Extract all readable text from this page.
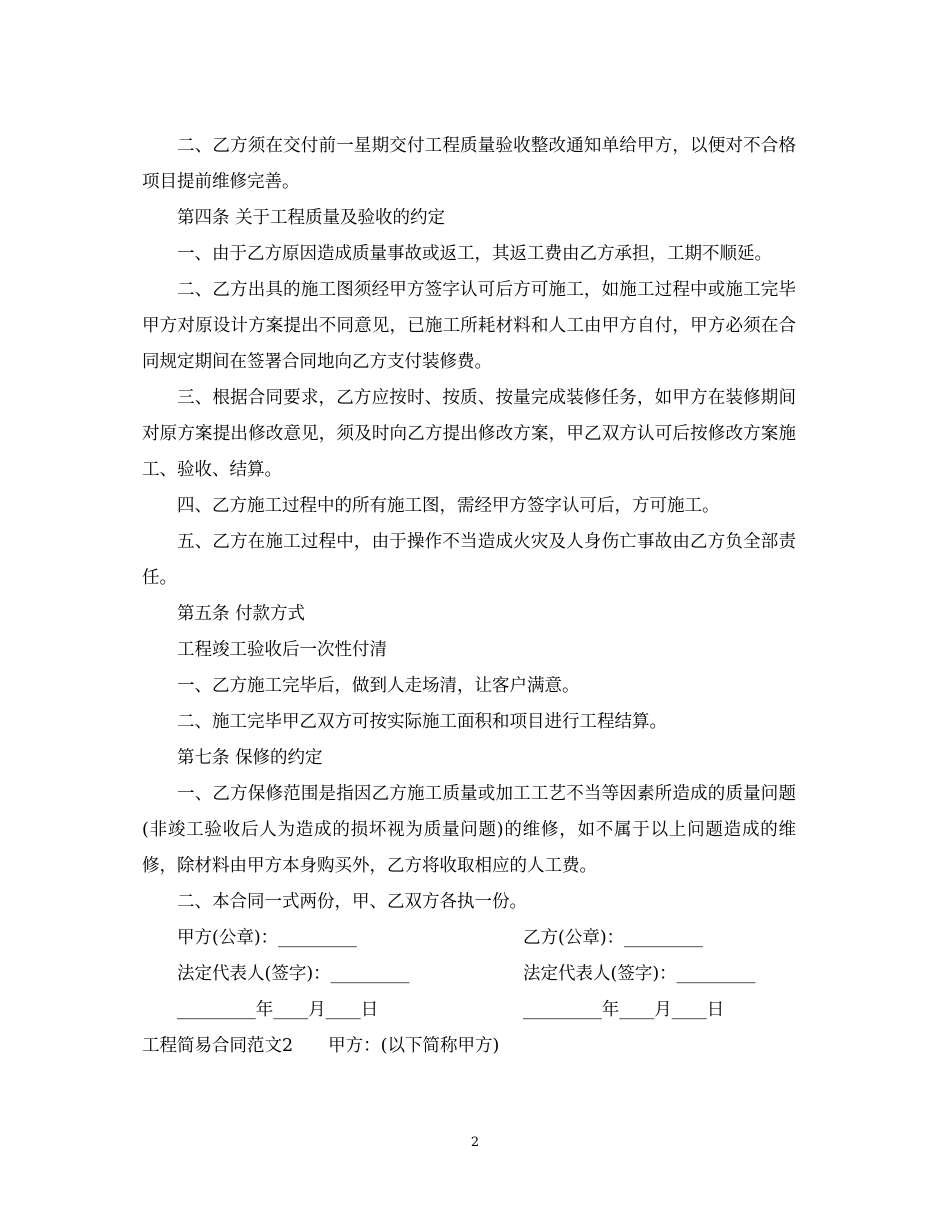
二、乙方须在交付前一星期交付工程质量验收整改通知单给甲方，以便对不合格项目提前维修完善。

第四条 关于工程质量及验收的约定

一、由于乙方原因造成质量事故或返工，其返工费由乙方承担，工期不顺延。

二、乙方出具的施工图须经甲方签字认可后方可施工，如施工过程中或施工完毕甲方对原设计方案提出不同意见，已施工所耗材料和人工由甲方自付，甲方必须在合同规定期间在签署合同地向乙方支付装修费。

三、根据合同要求，乙方应按时、按质、按量完成装修任务，如甲方在装修期间对原方案提出修改意见，须及时向乙方提出修改方案，甲乙双方认可后按修改方案施工、验收、结算。

四、乙方施工过程中的所有施工图，需经甲方签字认可后，方可施工。

五、乙方在施工过程中，由于操作不当造成火灾及人身伤亡事故由乙方负全部责任。

第五条 付款方式

工程竣工验收后一次性付清

一、乙方施工完毕后，做到人走场清，让客户满意。

二、施工完毕甲乙双方可按实际施工面积和项目进行工程结算。

第七条 保修的约定

一、乙方保修范围是指因乙方施工质量或加工工艺不当等因素所造成的质量问题(非竣工验收后人为造成的损坏视为质量问题)的维修，如不属于以上问题造成的维修，除材料由甲方本身购买外，乙方将收取相应的人工费。

二、本合同一式两份，甲、乙双方各执一份。

甲方(公章)：_________	乙方(公章)：_________
法定代表人(签字)：_________	法定代表人(签字)：_________
_________年____月____日	_________年____月____日

工程简易合同范文2　　甲方：(以下简称甲方)

2
